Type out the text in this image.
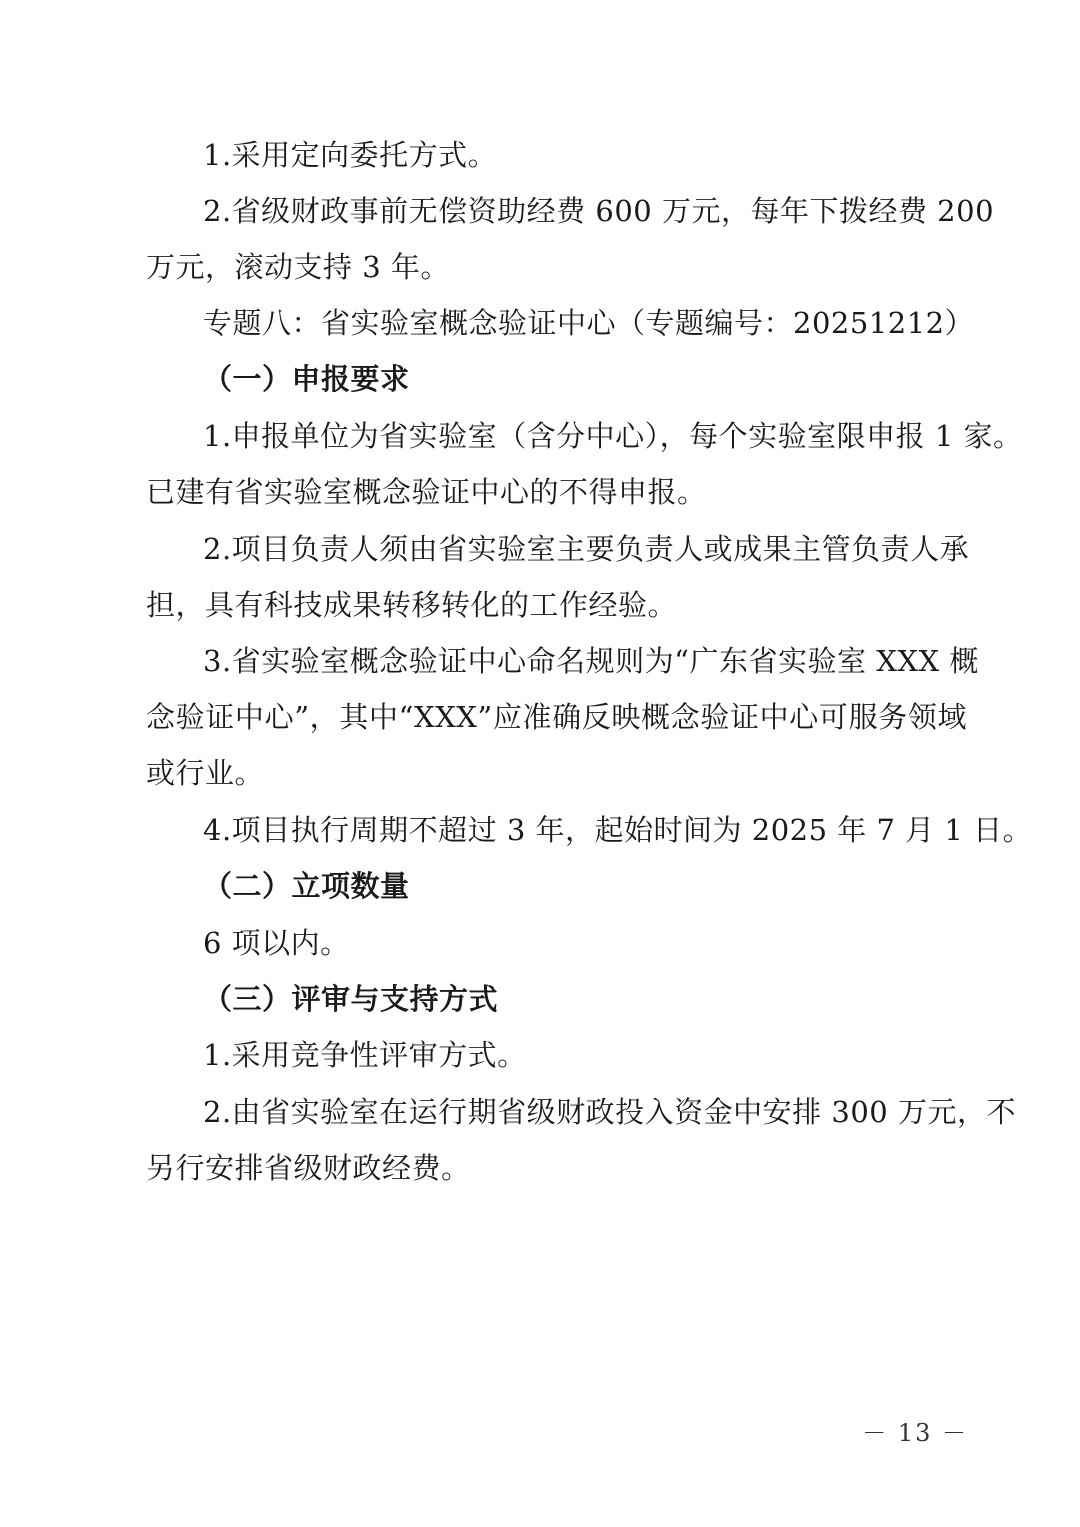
1.采用定向委托方式。
2.省级财政事前无偿资助经费 600 万元，每年下拨经费 200
万元，滚动支持 3 年。
专题八：省实验室概念验证中心（专题编号：20251212）
（一）申报要求
1.申报单位为省实验室（含分中心），每个实验室限申报 1 家。
已建有省实验室概念验证中心的不得申报。
2.项目负责人须由省实验室主要负责人或成果主管负责人承
担，具有科技成果转移转化的工作经验。
3.省实验室概念验证中心命名规则为“广东省实验室 XXX 概
念验证中心”，其中“XXX”应准确反映概念验证中心可服务领域
或行业。
4.项目执行周期不超过 3 年，起始时间为 2025 年 7 月 1 日。
（二）立项数量
6 项以内。
（三）评审与支持方式
1.采用竞争性评审方式。
2.由省实验室在运行期省级财政投入资金中安排 300 万元，不
另行安排省级财政经费。
－ 13 －
